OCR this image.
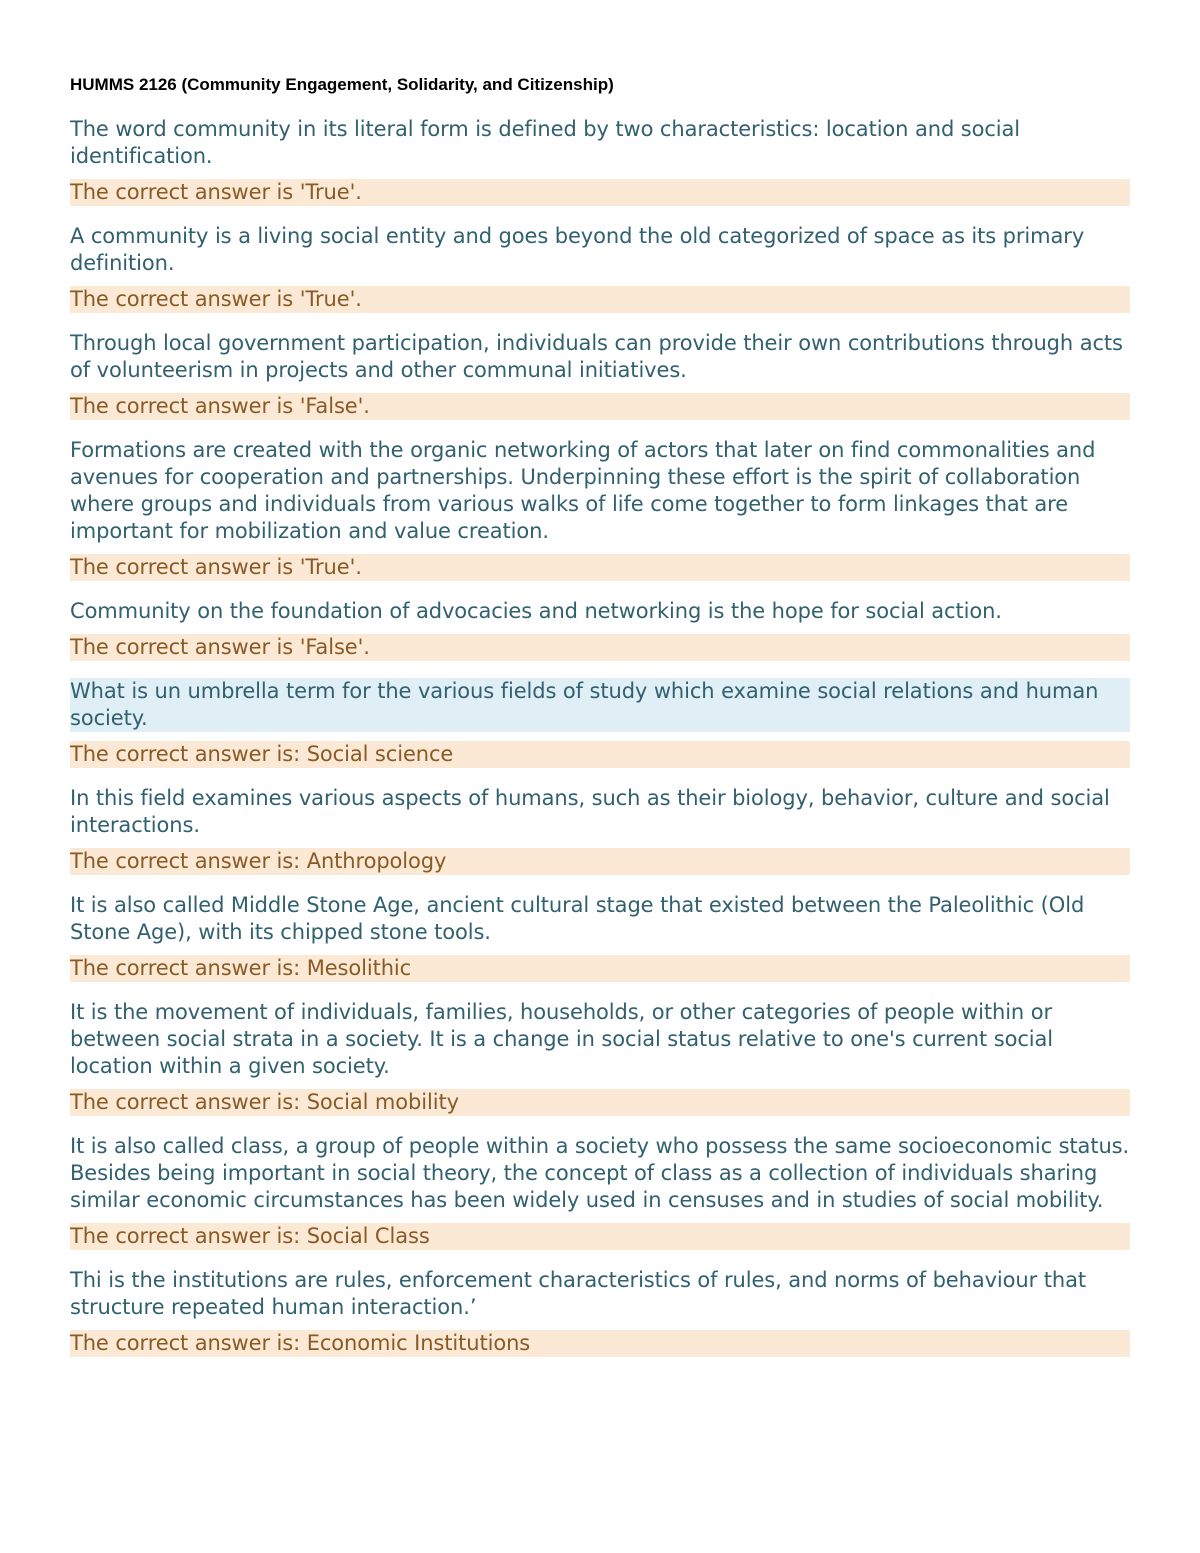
HUMMS 2126 (Community Engagement, Solidarity, and Citizenship)
The word community in its literal form is defined by two characteristics: location and social identification.
The correct answer is 'True'.
A community is a living social entity and goes beyond the old categorized of space as its primary definition.
The correct answer is 'True'.
Through local government participation, individuals can provide their own contributions through acts of volunteerism in projects and other communal initiatives.
The correct answer is 'False'.
Formations are created with the organic networking of actors that later on find commonalities and avenues for cooperation and partnerships. Underpinning these effort is the spirit of collaboration where groups and individuals from various walks of life come together to form linkages that are important for mobilization and value creation.
The correct answer is 'True'.
Community on the foundation of advocacies and networking is the hope for social action.
The correct answer is 'False'.
What is un umbrella term for the various fields of study which examine social relations and human society.
The correct answer is: Social science
In this field examines various aspects of humans, such as their biology, behavior, culture and social interactions.
The correct answer is: Anthropology
It is also called Middle Stone Age, ancient cultural stage that existed between the Paleolithic (Old Stone Age), with its chipped stone tools.
The correct answer is: Mesolithic
It is the movement of individuals, families, households, or other categories of people within or between social strata in a society. It is a change in social status relative to one's current social location within a given society.
The correct answer is: Social mobility
It is also called class, a group of people within a society who possess the same socioeconomic status. Besides being important in social theory, the concept of class as a collection of individuals sharing similar economic circumstances has been widely used in censuses and in studies of social mobility.
The correct answer is: Social Class
Thi is the institutions are rules, enforcement characteristics of rules, and norms of behaviour that structure repeated human interaction.’
The correct answer is: Economic Institutions
